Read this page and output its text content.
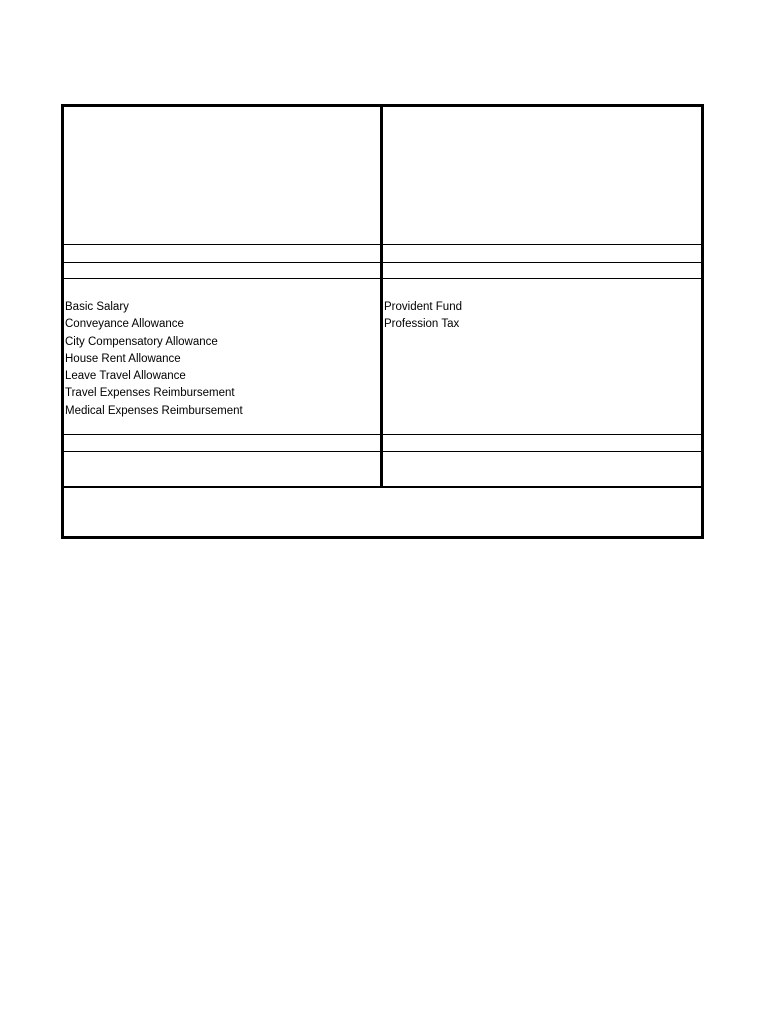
Basic Salary
Conveyance Allowance
City Compensatory Allowance
House Rent Allowance
Leave Travel Allowance
Travel Expenses Reimbursement
Medical Expenses Reimbursement
Provident Fund
Profession Tax
